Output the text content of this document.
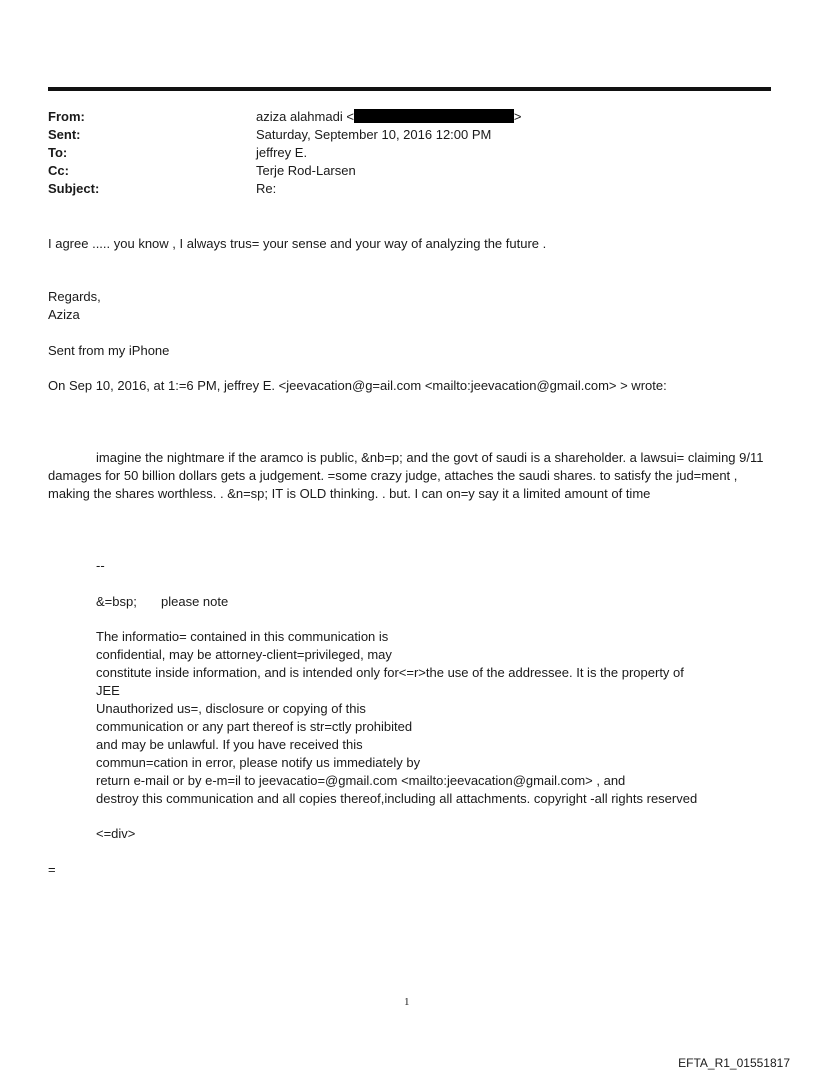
From:	aziza alahmadi <	>
Sent:	Saturday, September 10, 2016 12:00 PM
To:	jeffrey E.
Cc:	Terje Rod-Larsen
Subject:	Re:
I agree ..... you know , I always trus= your sense and your way of analyzing the future .
Regards,
Aziza
Sent from my iPhone
On Sep 10, 2016, at 1:=6 PM, jeffrey E. <jeevacation@g=ail.com <mailto:jeevacation@gmail.com> > wrote:
imagine the nightmare if the aramco is public, &nb=p; and the govt of saudi is a shareholder. a lawsui= claiming 9/11 damages for 50 billion dollars gets a judgement. =some crazy judge, attaches the saudi shares. to satisfy the jud=ment , making the shares worthless. . &n=sp; IT is OLD thinking. . but. I can on=y say it a limited amount of time
--
&=bsp; please note
The informatio= contained in this communication is
confidential, may be attorney-client=privileged, may
constitute inside information, and is intended only for<=r>the use of the addressee. It is the property of
JEE
Unauthorized us=, disclosure or copying of this
communication or any part thereof is str=ctly prohibited
and may be unlawful. If you have received this
commun=cation in error, please notify us immediately by
return e-mail or by e-m=il to jeevacatio=@gmail.com <mailto:jeevacation@gmail.com> , and
destroy this communication and all copies thereof,including all attachments. copyright -all rights reserved
<=div>
=
1
EFTA_R1_01551817
